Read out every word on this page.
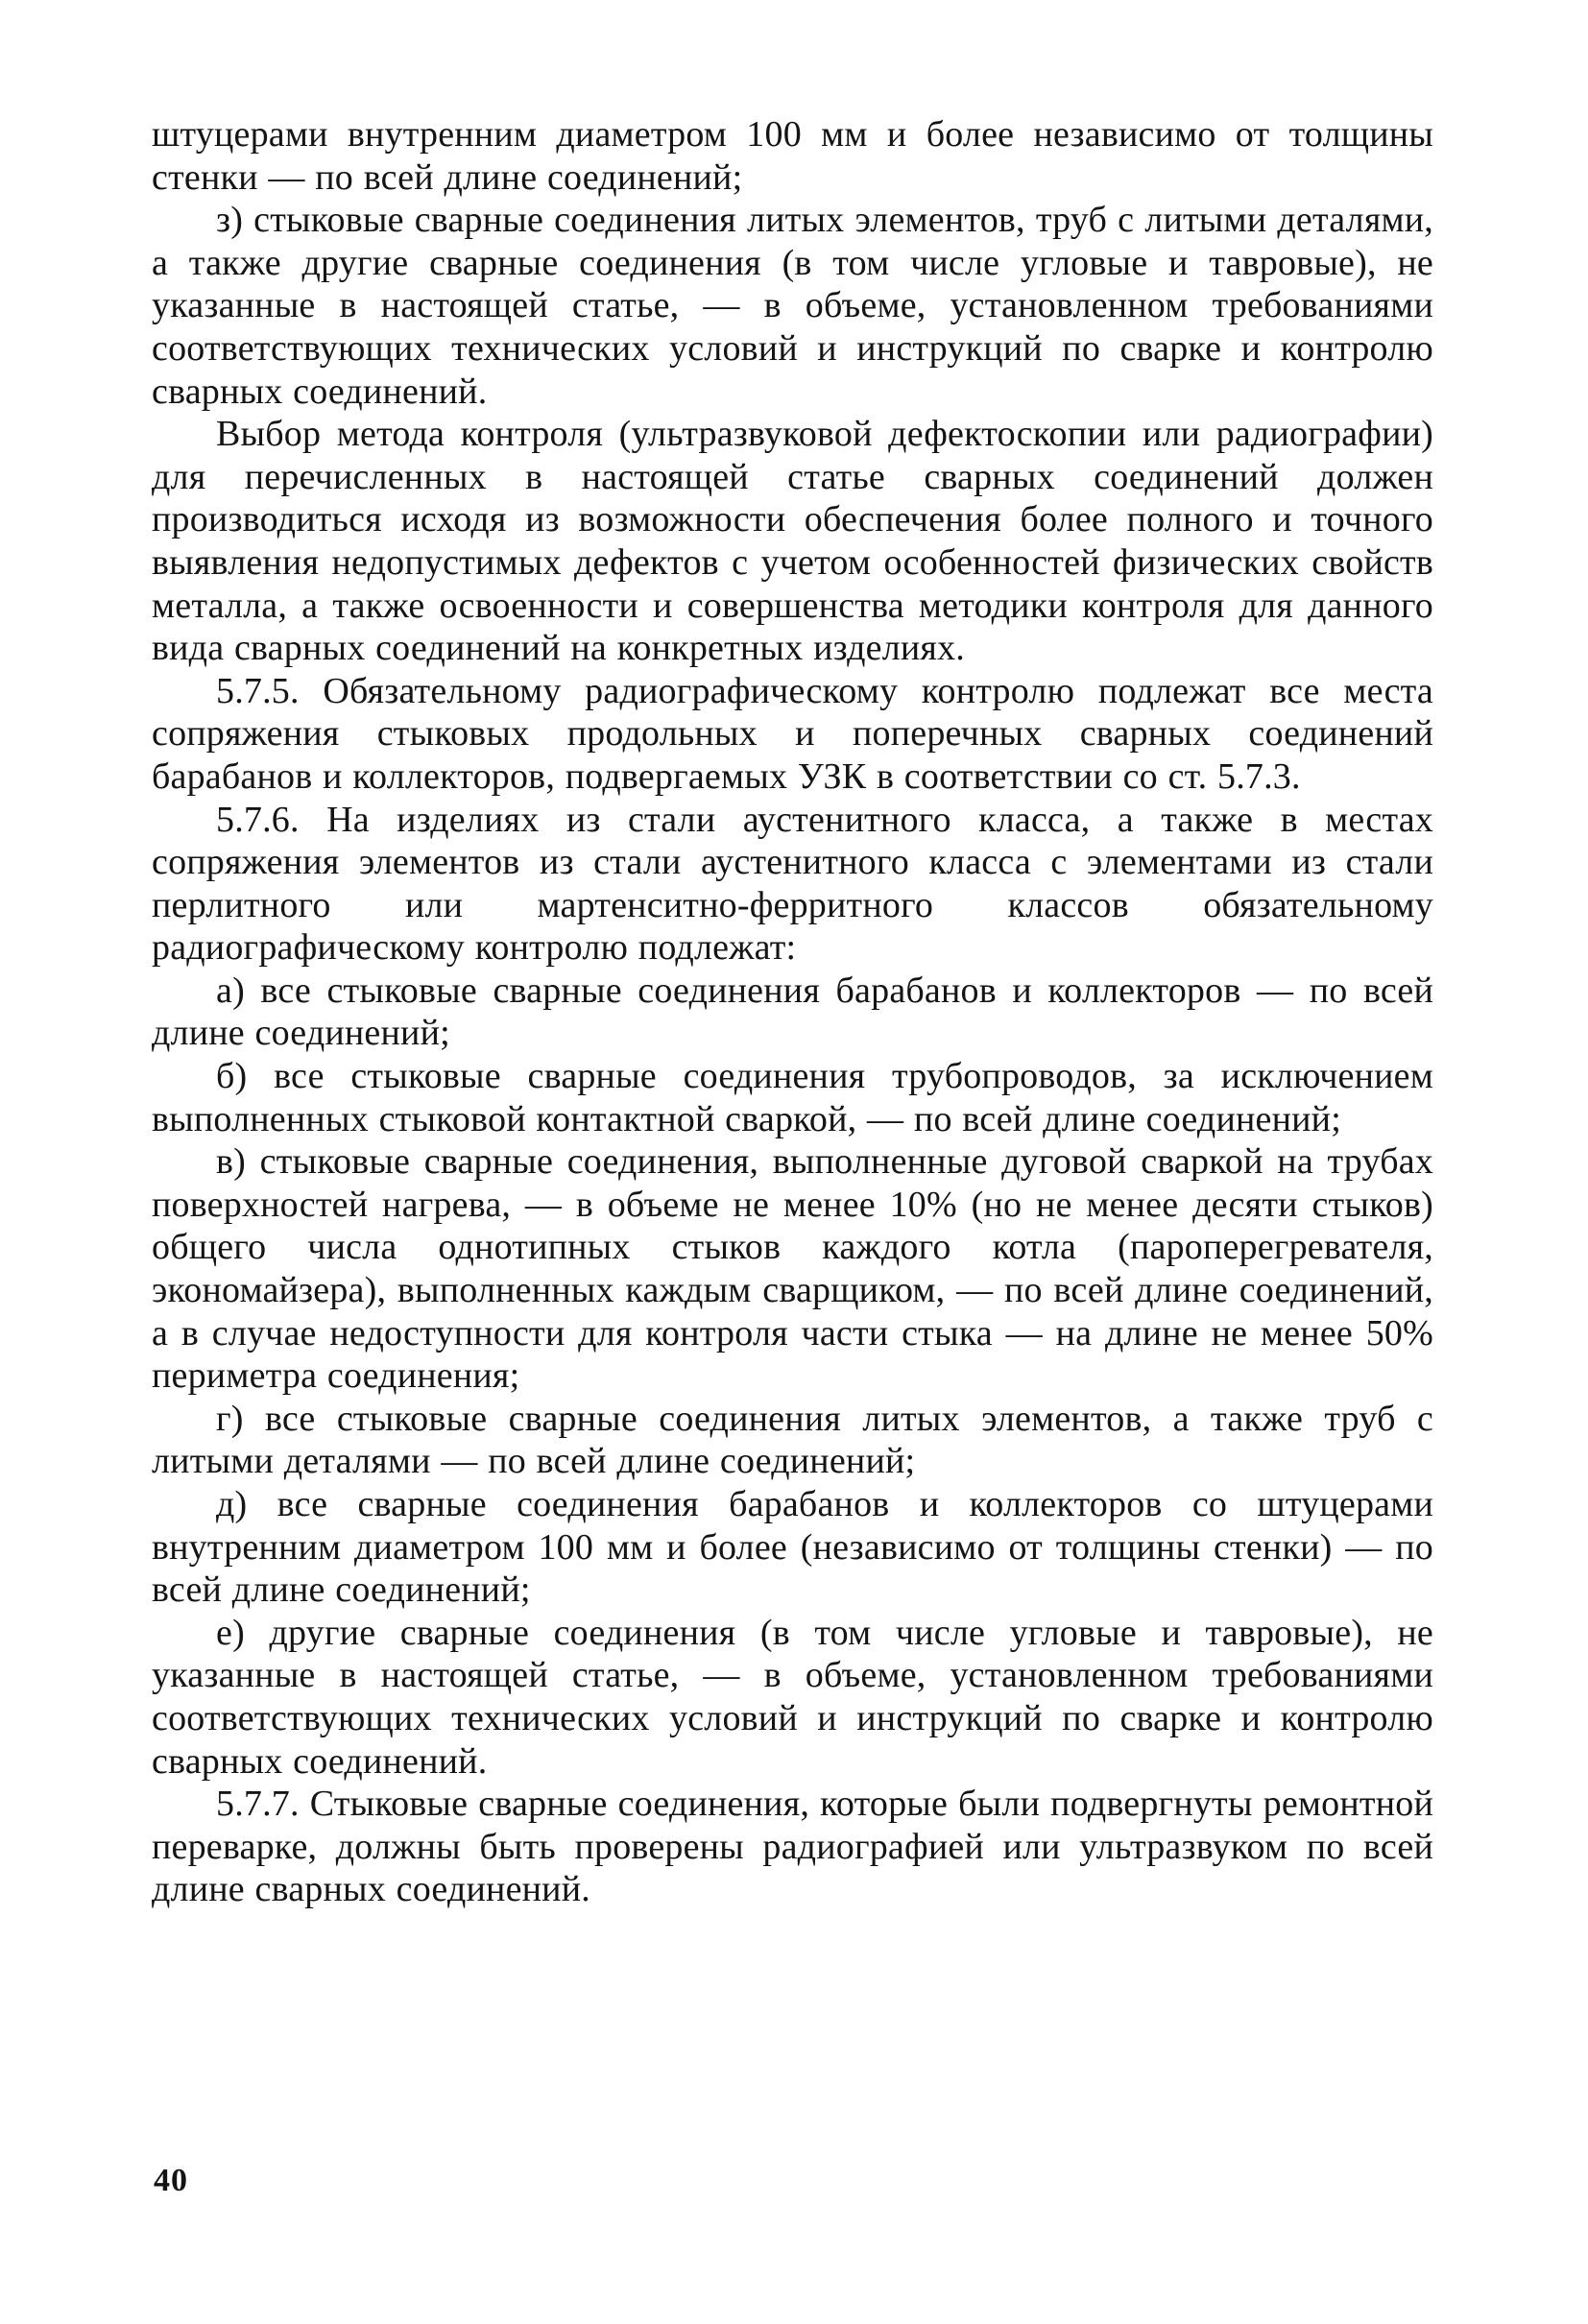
штуцерами внутренним диаметром 100 мм и более независимо от толщины стенки — по всей длине соединений;

з) стыковые сварные соединения литых элементов, труб с литыми деталями, а также другие сварные соединения (в том числе угловые и тавровые), не указанные в настоящей статье, — в объеме, установленном требованиями соответствующих технических условий и инструкций по сварке и контролю сварных соединений.

Выбор метода контроля (ультразвуковой дефектоскопии или радиографии) для перечисленных в настоящей статье сварных соединений должен производиться исходя из возможности обеспечения более полного и точного выявления недопустимых дефектов с учетом особенностей физических свойств металла, а также освоенности и совершенства методики контроля для данного вида сварных соединений на конкретных изделиях.

5.7.5. Обязательному радиографическому контролю подлежат все места сопряжения стыковых продольных и поперечных сварных соединений барабанов и коллекторов, подвергаемых УЗК в соответствии со ст. 5.7.3.

5.7.6. На изделиях из стали аустенитного класса, а также в местах сопряжения элементов из стали аустенитного класса с элементами из стали перлитного или мартенситно-ферритного классов обязательному радиографическому контролю подлежат:

а) все стыковые сварные соединения барабанов и коллекторов — по всей длине соединений;

б) все стыковые сварные соединения трубопроводов, за исключением выполненных стыковой контактной сваркой, — по всей длине соединений;

в) стыковые сварные соединения, выполненные дуговой сваркой на трубах поверхностей нагрева, — в объеме не менее 10% (но не менее десяти стыков) общего числа однотипных стыков каждого котла (пароперегревателя, экономайзера), выполненных каждым сварщиком, — по всей длине соединений, а в случае недоступности для контроля части стыка — на длине не менее 50% периметра соединения;

г) все стыковые сварные соединения литых элементов, а также труб с литыми деталями — по всей длине соединений;

д) все сварные соединения барабанов и коллекторов со штуцерами внутренним диаметром 100 мм и более (независимо от толщины стенки) — по всей длине соединений;

е) другие сварные соединения (в том числе угловые и тавровые), не указанные в настоящей статье, — в объеме, установленном требованиями соответствующих технических условий и инструкций по сварке и контролю сварных соединений.

5.7.7. Стыковые сварные соединения, которые были подвергнуты ремонтной переварке, должны быть проверены радиографией или ультразвуком по всей длине сварных соединений.

40
